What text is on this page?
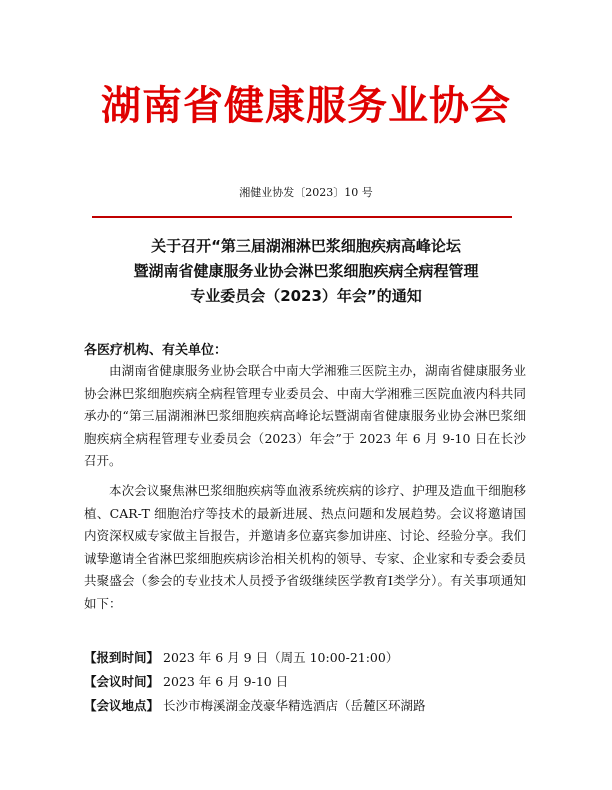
湖南省健康服务业协会
湘健业协发〔2023〕10 号
关于召开“第三届湖湘淋巴浆细胞疾病高峰论坛
暨湖南省健康服务业协会淋巴浆细胞疾病全病程管理
专业委员会（2023）年会”的通知
各医疗机构、有关单位：

由湖南省健康服务业协会联合中南大学湘雅三医院主办，湖南省健康服务业协会淋巴浆细胞疾病全病程管理专业委员会、中南大学湘雅三医院血液内科共同承办的“第三届湖湘淋巴浆细胞疾病高峰论坛暨湖南省健康服务业协会淋巴浆细胞疾病全病程管理专业委员会（2023）年会”于 2023 年 6 月 9-10 日在长沙召开。

本次会议聚焦淋巴浆细胞疾病等血液系统疾病的诊疗、护理及造血干细胞移植、CAR-T 细胞治疗等技术的最新进展、热点问题和发展趋势。会议将邀请国内资深权威专家做主旨报告，并邀请多位嘉宾参加讲座、讨论、经验分享。我们诚挚邀请全省淋巴浆细胞疾病诊治相关机构的领导、专家、企业家和专委会委员共聚盛会（参会的专业技术人员授予省级继续医学教育Ⅰ类学分）。有关事项通知如下：

【报到时间】 2023 年 6 月 9 日（周五 10:00-21:00）
【会议时间】 2023 年 6 月 9-10 日
【会议地点】 长沙市梅溪湖金茂豪华精选酒店（岳麓区环湖路
